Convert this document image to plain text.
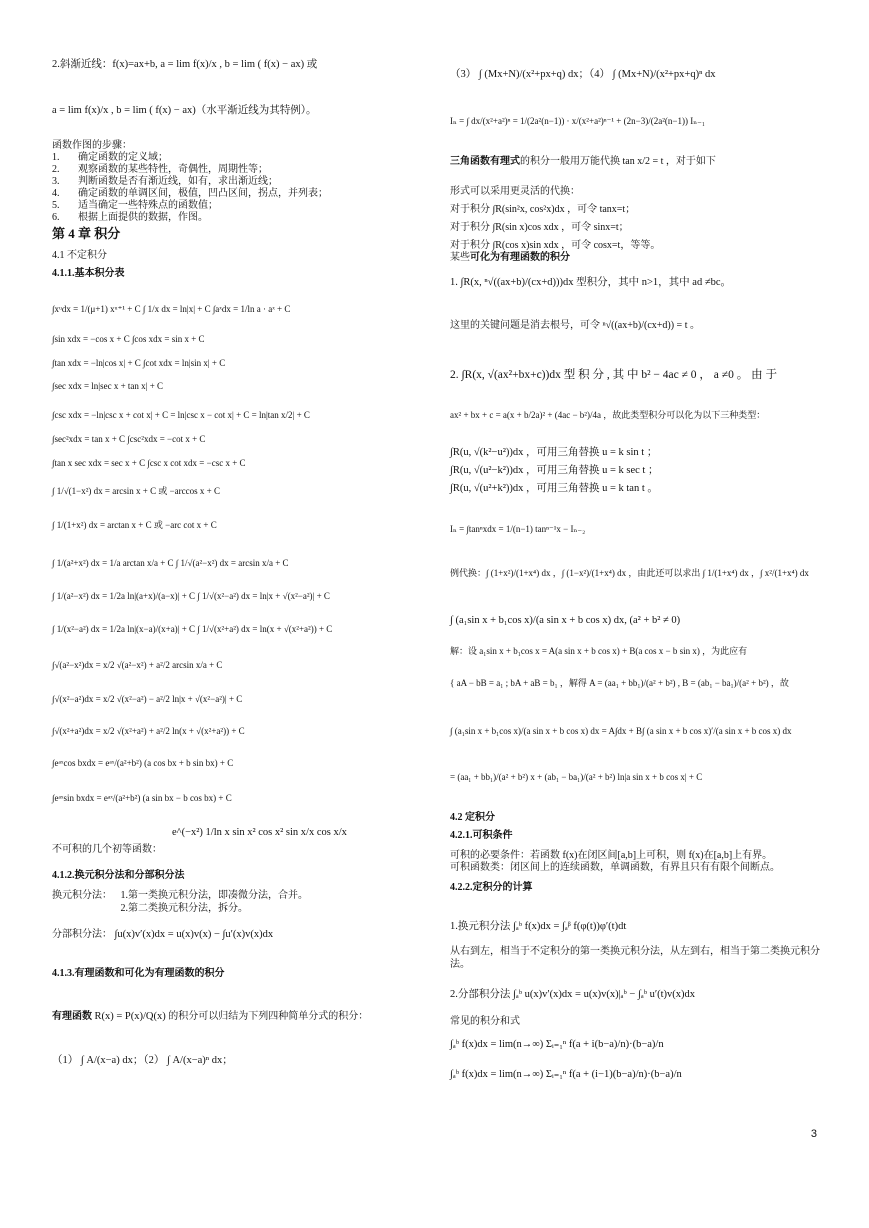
2.斜渐近线：f(x)=ax+b, a = lim f(x)/x , b = lim ( f(x) − ax) 或
a = lim f(x)/x , b = lim ( f(x) − ax)（水平渐近线为其特例）。
函数作图的步骤：
1. 确定函数的定义域；
2. 观察函数的某些特性，奇偶性，周期性等；
3. 判断函数是否有渐近线，如有，求出渐近线；
4. 确定函数的单调区间，极值，凹凸区间，拐点，并列表；
5. 适当确定一些特殊点的函数值；
6. 根据上面提供的数据，作图。
第 4 章 积分
4.1 不定积分
4.1.1.基本积分表
∫xᵘdx = 1/(μ+1) xᵘ⁺¹ + C ∫ 1/x dx = ln|x| + C ∫aˣdx = 1/ln a · aˣ + C
∫sin xdx = −cos x + C ∫cos xdx = sin x + C
∫tan xdx = −ln|cos x| + C ∫cot xdx = ln|sin x| + C
∫sec xdx = ln|sec x + tan x| + C
∫csc xdx = −ln|csc x + cot x| + C = ln|csc x − cot x| + C = ln|tan x/2| + C
∫sec²xdx = tan x + C ∫csc²xdx = −cot x + C
∫tan x sec xdx = sec x + C ∫csc x cot xdx = −csc x + C
∫ 1/√(1−x²) dx = arcsin x + C 或 −arccos x + C
∫ 1/(1+x²) dx = arctan x + C 或 −arc cot x + C
∫ 1/(a²+x²) dx = 1/a arctan x/a + C ∫ 1/√(a²−x²) dx = arcsin x/a + C
∫ 1/(a²−x²) dx = 1/2a ln|(a+x)/(a−x)| + C ∫ 1/√(x²−a²) dx = ln|x + √(x²−a²)| + C
∫ 1/(x²−a²) dx = 1/2a ln|(x−a)/(x+a)| + C ∫ 1/√(x²+a²) dx = ln(x + √(x²+a²)) + C
∫√(a²−x²)dx = x/2 √(a²−x²) + a²/2 arcsin x/a + C
∫√(x²−a²)dx = x/2 √(x²−a²) − a²/2 ln|x + √(x²−a²)| + C
∫√(x²+a²)dx = x/2 √(x²+a²) + a²/2 ln(x + √(x²+a²)) + C
∫eᵃˣcos bxdx = eᵃˣ/(a²+b²) (a cos bx + b sin bx) + C
∫eᵃˣsin bxdx = eᵃˣ/(a²+b²) (a sin bx − b cos bx) + C
e^(−x²) 1/ln x sin x² cos x² sin x/x cos x/x
不可积的几个初等函数：
4.1.2.换元积分法和分部积分法
换元积分法： 1.第一类换元积分法，即凑微分法，合并。
2.第二类换元积分法，拆分。
分部积分法： ∫u(x)v′(x)dx = u(x)v(x) − ∫u′(x)v(x)dx
4.1.3.有理函数和可化为有理函数的积分
有理函数 R(x) = P(x)/Q(x) 的积分可以归结为下列四种简单分式的积分：
（1） ∫ A/(x−a) dx；（2） ∫ A/(x−a)ⁿ dx；
（3） ∫ (Mx+N)/(x²+px+q) dx；（4） ∫ (Mx+N)/(x²+px+q)ⁿ dx
Iₙ = ∫ dx/(x²+a²)ⁿ = 1/(2a²(n−1)) · x/(x²+a²)ⁿ⁻¹ + (2n−3)/(2a²(n−1)) Iₙ₋₁
三角函数有理式的积分一般用万能代换 tan x/2 = t ，对于如下
形式可以采用更灵活的代换：
对于积分 ∫R(sin²x, cos²x)dx ，可令 tanx=t；
对于积分 ∫R(sin x)cos xdx ，可令 sinx=t；
对于积分 ∫R(cos x)sin xdx ，可令 cosx=t，等等。
某些可化为有理函数的积分
1. ∫R(x, ⁿ√((ax+b)/(cx+d)))dx 型积分，其中 n>1，其中 ad ≠bc。
这里的关键问题是消去根号，可令 ⁿ√((ax+b)/(cx+d)) = t 。
2. ∫R(x, √(ax²+bx+c))dx 型 积 分 , 其 中 b² − 4ac ≠ 0 ， a ≠0 。 由 于
ax² + bx + c = a(x + b/2a)² + (4ac − b²)/4a ，故此类型积分可以化为以下三种类型：
∫R(u, √(k²−u²))dx ，可用三角替换 u = k sin t ；
∫R(u, √(u²−k²))dx ，可用三角替换 u = k sec t ；
∫R(u, √(u²+k²))dx ，可用三角替换 u = k tan t 。
Iₙ = ∫tanⁿxdx = 1/(n−1) tanⁿ⁻¹x − Iₙ₋₂
例代换：∫ (1+x²)/(1+x⁴) dx ，∫ (1−x²)/(1+x⁴) dx ，由此还可以求出 ∫ 1/(1+x⁴) dx ，∫ x²/(1+x⁴) dx
∫ (a₁sin x + b₁cos x)/(a sin x + b cos x) dx, (a² + b² ≠ 0)
解：设 a₁sin x + b₁cos x = A(a sin x + b cos x) + B(a cos x − b sin x) ，为此应有
{ aA − bB = a₁ ; bA + aB = b₁ ，解得 A = (aa₁ + bb₁)/(a² + b²) , B = (ab₁ − ba₁)/(a² + b²) ，故
∫ (a₁sin x + b₁cos x)/(a sin x + b cos x) dx = A∫dx + B∫ (a sin x + b cos x)′/(a sin x + b cos x) dx
= (aa₁ + bb₁)/(a² + b²) x + (ab₁ − ba₁)/(a² + b²) ln|a sin x + b cos x| + C
4.2 定积分
4.2.1.可积条件
可积的必要条件：若函数 f(x)在闭区间[a,b]上可积，则 f(x)在[a,b]上有界。
可积函数类：闭区间上的连续函数，单调函数，有界且只有有限个间断点。
4.2.2.定积分的计算
1.换元积分法 ∫ₐᵇ f(x)dx = ∫ₐᵝ f(φ(t))φ′(t)dt
从右到左，相当于不定积分的第一类换元积分法，从左到右，相当于第二类换元积分法。
2.分部积分法 ∫ₐᵇ u(x)v′(x)dx = u(x)v(x)|ₐᵇ − ∫ₐᵇ u′(t)v(x)dx
常见的积分和式
∫ₐᵇ f(x)dx = lim(n→∞) Σᵢ₌₁ⁿ f(a + i(b−a)/n)·(b−a)/n
∫ₐᵇ f(x)dx = lim(n→∞) Σᵢ₌₁ⁿ f(a + (i−1)(b−a)/n)·(b−a)/n
3
